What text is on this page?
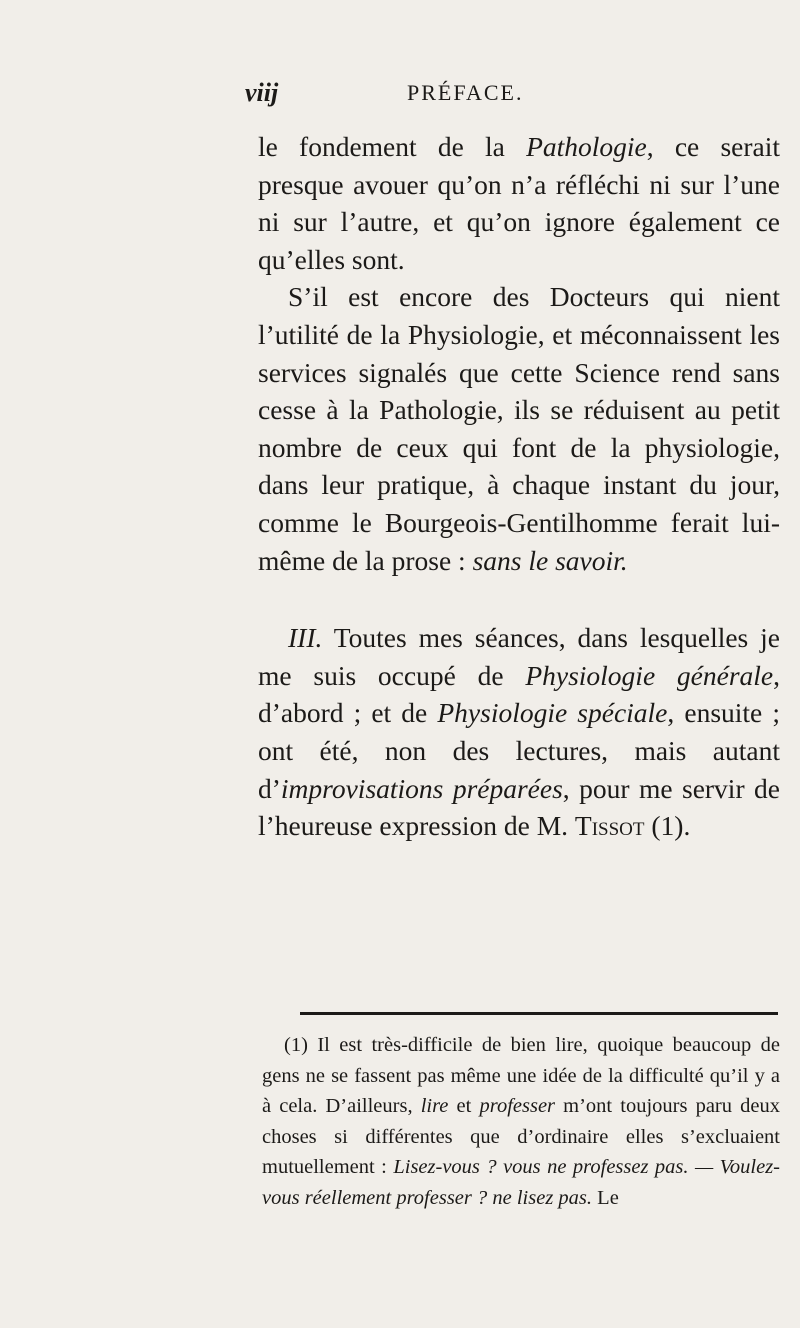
viij	PRÉFACE.

le fondement de la Pathologie, ce serait presque avouer qu’on n’a réfléchi ni sur l’une ni sur l’autre, et qu’on ignore également ce qu’elles sont.

S’il est encore des Docteurs qui nient l’utilité de la Physiologie, et méconnaissent les services signalés que cette Science rend sans cesse à la Pathologie, ils se réduisent au petit nombre de ceux qui font de la physiologie, dans leur pratique, à chaque instant du jour, comme le Bourgeois-Gentilhomme ferait lui-même de la prose : sans le savoir.

III. Toutes mes séances, dans lesquelles je me suis occupé de Physiologie générale, d’abord ; et de Physiologie spéciale, ensuite ; ont été, non des lectures, mais autant d’improvisations préparées, pour me servir de l’heureuse expression de M. Tissot (1).

(1) Il est très-difficile de bien lire, quoique beaucoup de gens ne se fassent pas même une idée de la difficulté qu’il y a à cela. D’ailleurs, lire et professer m’ont toujours paru deux choses si différentes que d’ordinaire elles s’excluaient mutuellement : Lisez-vous ? vous ne professez pas. — Voulez-vous réellement professer ? ne lisez pas. Le
